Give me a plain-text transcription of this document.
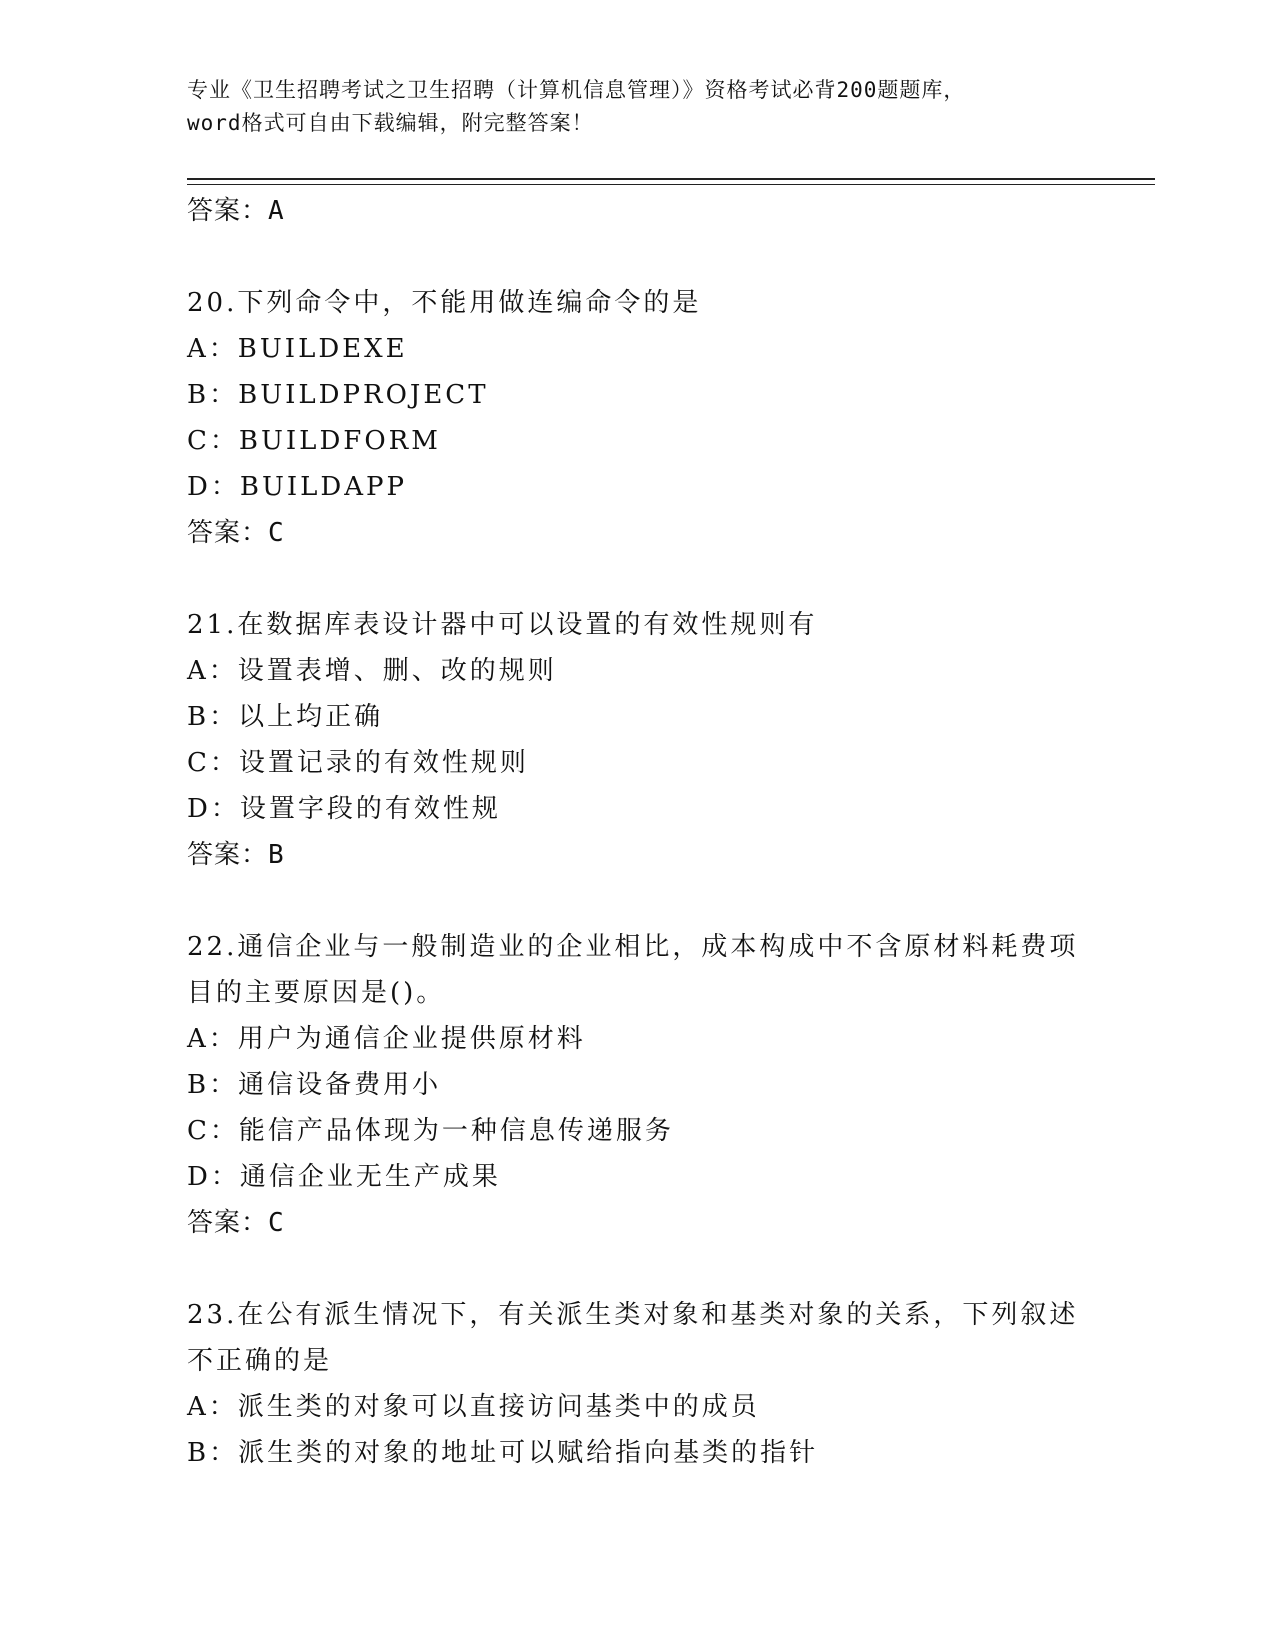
专业《卫生招聘考试之卫生招聘（计算机信息管理）》资格考试必背200题题库，
word格式可自由下载编辑，附完整答案！
答案：A
20.下列命令中，不能用做连编命令的是
A：BUILDEXE
B：BUILDPROJECT
C：BUILDFORM
D：BUILDAPP
答案：C
21.在数据库表设计器中可以设置的有效性规则有
A：设置表增、删、改的规则
B：以上均正确
C：设置记录的有效性规则
D：设置字段的有效性规
答案：B
22.通信企业与一般制造业的企业相比，成本构成中不含原材料耗费项
目的主要原因是()。
A：用户为通信企业提供原材料
B：通信设备费用小
C：能信产品体现为一种信息传递服务
D：通信企业无生产成果
答案：C
23.在公有派生情况下，有关派生类对象和基类对象的关系，下列叙述
不正确的是
A：派生类的对象可以直接访问基类中的成员
B：派生类的对象的地址可以赋给指向基类的指针
